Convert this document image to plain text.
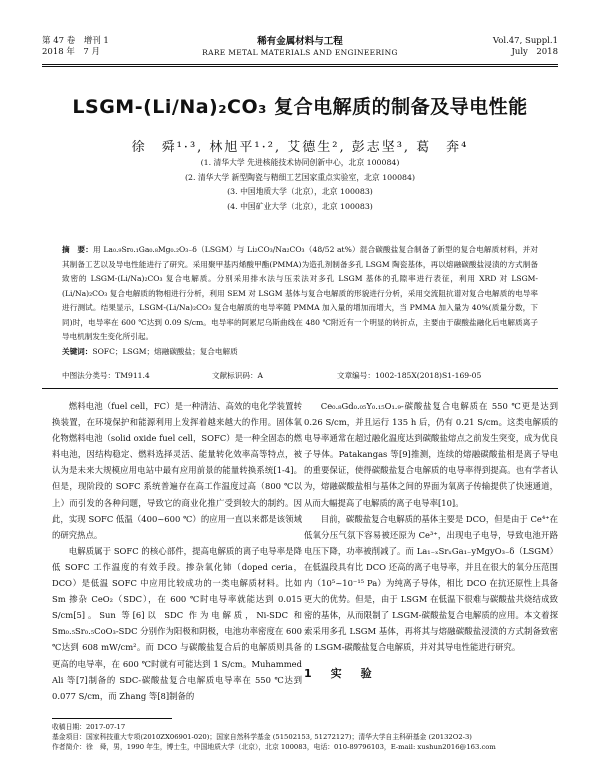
第 47 卷　增刊 1
2018 年　7 月
稀有金属材料与工程
RARE METAL MATERIALS AND ENGINEERING
Vol.47, Suppl.1
July　2018
LSGM-(Li/Na)₂CO₃ 复合电解质的制备及导电性能
徐　舜¹·³, 林旭平¹·², 艾德生², 彭志坚³, 葛　奔⁴
(1. 清华大学 先进核能技术协同创新中心，北京 100084)
(2. 清华大学 新型陶瓷与精细工艺国家重点实验室，北京 100084)
(3. 中国地质大学（北京），北京 100083)
(4. 中国矿业大学（北京），北京 100083)
摘　要：用 La₀.₉Sr₀.₁Ga₀.₈Mg₀.₂O₃₋δ（LSGM）与 Li₂CO₃/Na₂CO₃（48/52 at%）混合碳酸盐复合制备了新型的复合电解质材料，并对其制备工艺以及导电性能进行了研究。采用聚甲基丙烯酸甲酯(PMMA)为造孔剂制备多孔 LSGM 陶瓷基体，再以熔融碳酸盐浸渍的方式制备致密的 LSGM-(Li/Na)₂CO₃ 复合电解质。分别采用排水法与压汞法对多孔 LSGM 基体的孔隙率进行表征，利用 XRD 对 LSGM-(Li/Na)₂CO₃ 复合电解质的物相进行分析，利用 SEM 对 LSGM 基体与复合电解质的形貌进行分析，采用交流阻抗谱对复合电解质的电导率进行测试。结果显示，LSGM-(Li/Na)₂CO₃ 复合电解质的电导率随 PMMA 加入量的增加而增大，当 PMMA 加入量为 40%(质量分数，下同)时，电导率在 600 ℃达到 0.09 S/cm。电导率的阿累尼乌斯曲线在 480 ℃附近有一个明显的转折点，主要由于碳酸盐融化后电解质离子导电机制发生变化所引起。
关键词：SOFC；LSGM；熔融碳酸盐；复合电解质
中图法分类号：TM911.4	文献标识码：A	文章编号：1002-185X(2018)S1-169-05

燃料电池（fuel cell，FC）是一种清洁、高效的电化学装置转换装置，在环境保护和能源利用上发挥着越来越大的作用。固体氧化物燃料电池（solid oxide fuel cell，SOFC）是一种全固态的燃料电池，因结构稳定、燃料选择灵活、能量转化效率高等特点，被认为是未来大规模应用电站中最有应用前景的能量转换系统[1-4]。但是，现阶段的 SOFC 系统普遍存在高工作温度过高（800 ℃以上）而引发的各种问题，导致它的商业化推广受到较大的制约。因此，实现 SOFC 低温（400~600 ℃）的应用一直以来都是该领域的研究热点。

电解质属于 SOFC 的核心部件，提高电解质的离子电导率是降低 SOFC 工作温度的有效手段。掺杂氧化铈（doped ceria，DCO）是低温 SOFC 中应用比较成功的一类电解质材料。比如 Sm 掺杂 CeO₂（SDC），在 600 ℃时电导率就能达到 0.015 S/cm[5]。Sun 等[6]以 SDC 作为电解质，Ni-SDC 和 Sm₀.₅Sr₀.₅CoO₃-SDC 分别作为阳极和阴极，电池功率密度在 600 ℃达到 608 mW/cm²。而 DCO 与碳酸盐复合后的电解质则具备更高的电导率，在 600 ℃时就有可能达到 1 S/cm。Muhammed Ali 等[7]制备的 SDC-碳酸盐复合电解质电导率在 550 ℃达到 0.077 S/cm，而 Zhang 等[8]制备的

Ce₀.₈Gd₀.₀₅Y₀.₁₅O₁.₉-碳酸盐复合电解质在 550 ℃更是达到 0.26 S/cm，并且运行 135 h 后，仍有 0.21 S/cm。这类电解质的电导率通常在超过融化温度达到碳酸盐熔点之前发生突变，成为优良子导体。Patakangas 等[9]推测，连续的熔融碳酸盐相是离子导电的重要保证，使得碳酸盐复合电解质的电导率得到提高。也有学者认为，熔融碳酸盐相与基体之间的界面为氧离子传输提供了快速通道，从而大幅提高了电解质的离子电导率[10]。

目前，碳酸盐复合电解质的基体主要是 DCO，但是由于 Ce⁴⁺在低氧分压气氛下容易被还原为 Ce³⁺，出现电子电导，导致电池开路电压下降，功率被削减了。而 La₁₋ₓSrₓGa₁₋yMgyO₃₋δ（LSGM）在低温段具有比 DCO 还高的离子电导率，并且在很大的氧分压范围内（10⁵~10⁻¹⁵ Pa）为纯离子导体，相比 DCO 在抗还原性上具备更大的优势。但是，由于 LSGM 在低温下很难与碳酸盐共烧结成致密的基体，从而限制了 LSGM-碳酸盐复合电解质的应用。本文着探索采用多孔 LSGM 基体，再将其与熔融碳酸盐浸渍的方式制备致密的 LSGM-碳酸盐复合电解质，并对其导电性能进行研究。

1　实　验
收稿日期：2017-07-17
基金项目：国家科技重大专项(2010ZX06901-020)；国家自然科学基金 (51502153, 51272127)；清华大学自主科研基金 (20132O2-3)
作者简介：徐　舜，男，1990 年生，博士生，中国地质大学（北京），北京 100083，电话：010-89796103，E-mail: xushun2016@163.com
